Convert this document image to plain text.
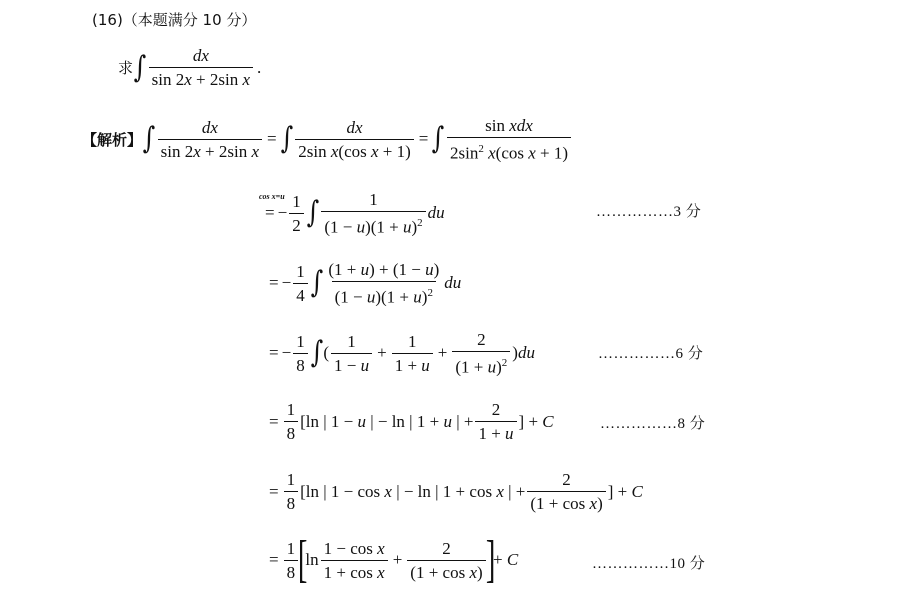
(16)（本题满分 10 分）
求 ∫ $\frac{dx}{\text{sin 2x + 2sin x}}$ .
【解析】 ∫ $\frac{dx}{\text{sin 2x + 2sin x}}$ = ∫ $\frac{dx}{\text{2sin x(cos x + 1)}}$ = ∫ $\frac{\text{sin xdx}}{2\sin^2 x(\cos x + 1)}$
cos x=u
= − $\frac{1}{2}$ ∫ $\frac{1}{(1 - u)(1 + u)^2}$ du	……………3 分
= − $\frac{1}{4}$ ∫ $\frac{(1 + u) + (1 - u)}{(1 - u)(1 + u)^2}$ du
= − $\frac{1}{8}$ ∫ ( $\frac{1}{1 - u} + \frac{1}{1 + u} + \frac{2}{(1 + u)^2} )du$	……………6 分
= $\frac{1}{8} [\ln$ | 1 − u | − ln | 1 + u | + $\frac{2}{1 + u}$ ] + C	……………8 分
= $\frac{1}{8} [\ln$ | 1 − cos x | − ln | 1 + cos x | + $\frac{2}{\text{(1 + cos x)}}$ ] + C
= $\frac{1}{8}$ [
$\ln \frac{\text{1 − cos x}}{\text{1 + cos x}} + \frac{2}{\text{(1 + cos x)}}$ ]
+ C	……………10 分
